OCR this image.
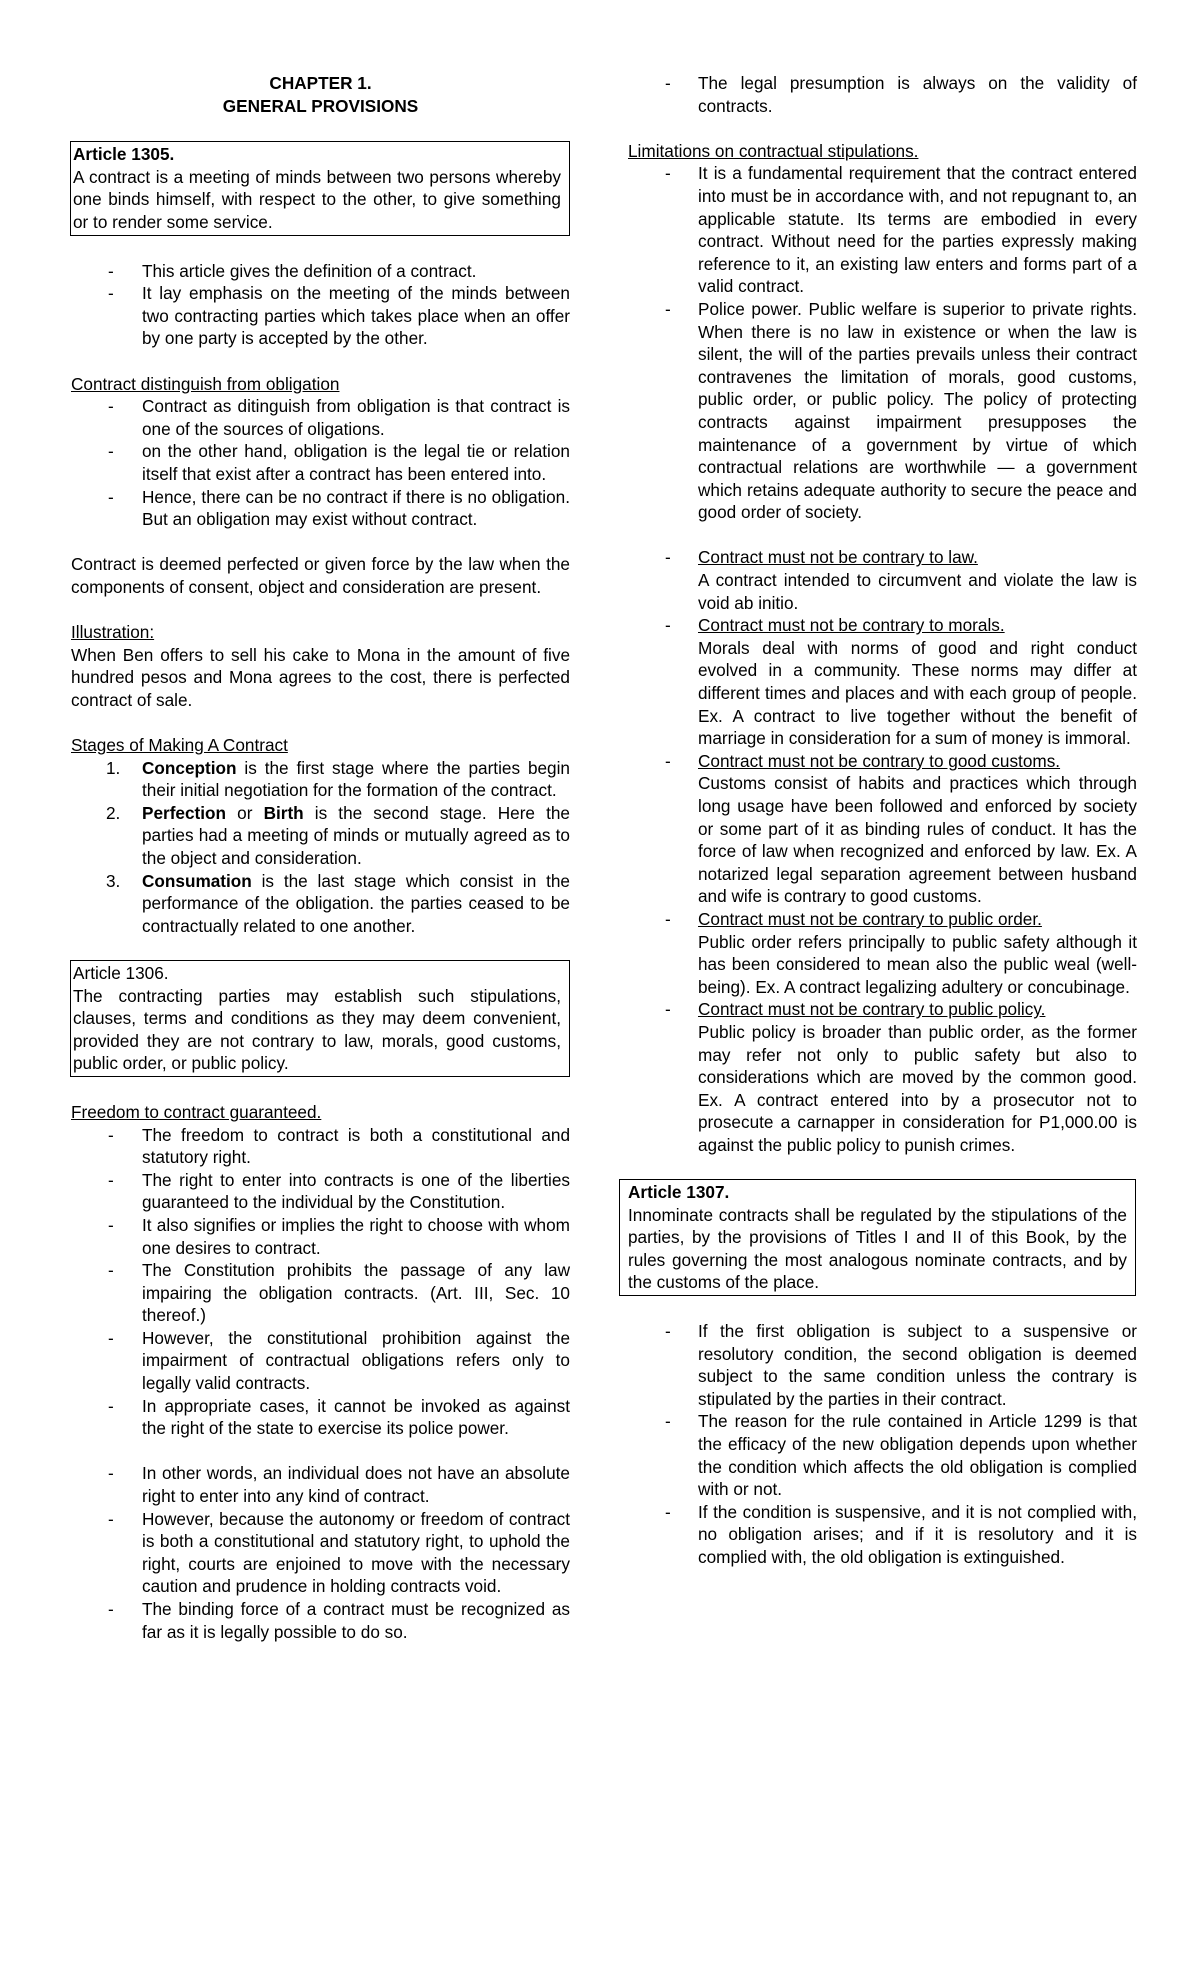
CHAPTER 1.
GENERAL PROVISIONS
Article 1305.
A contract is a meeting of minds between two persons whereby one binds himself, with respect to the other, to give something or to render some service.
- This article gives the definition of a contract.
- It lay emphasis on the meeting of the minds between two contracting parties which takes place when an offer by one party is accepted by the other.
Contract distinguish from obligation
- Contract as ditinguish from obligation is that contract is one of the sources of oligations.
- on the other hand, obligation is the legal tie or relation itself that exist after a contract has been entered into.
- Hence, there can be no contract if there is no obligation. But an obligation may exist without contract.

Contract is deemed perfected or given force by the law when the components of consent, object and consideration are present.

Illustration:

When Ben offers to sell his cake to Mona in the amount of five hundred pesos and Mona agrees to the cost, there is perfected contract of sale.

Stages of Making A Contract
1. Conception is the first stage where the parties begin their initial negotiation for the formation of the contract.
2. Perfection or Birth is the second stage. Here the parties had a meeting of minds or mutually agreed as to the object and consideration.
3. Consumation is the last stage which consist in the performance of the obligation. the parties ceased to be contractually related to one another.
Article 1306.
The contracting parties may establish such stipulations, clauses, terms and conditions as they may deem convenient, provided they are not contrary to law, morals, good customs, public order, or public policy.
Freedom to contract guaranteed.
- The freedom to contract is both a constitutional and statutory right.
- The right to enter into contracts is one of the liberties guaranteed to the individual by the Constitution.
- It also signifies or implies the right to choose with whom one desires to contract.
- The Constitution prohibits the passage of any law impairing the obligation contracts. (Art. III, Sec. 10 thereof.)
- However, the constitutional prohibition against the impairment of contractual obligations refers only to legally valid contracts.
- In appropriate cases, it cannot be invoked as against the right of the state to exercise its police power.
- In other words, an individual does not have an absolute right to enter into any kind of contract.
- However, because the autonomy or freedom of contract is both a constitutional and statutory right, to uphold the right, courts are enjoined to move with the necessary caution and prudence in holding contracts void.
- The binding force of a contract must be recognized as far as it is legally possible to do so.
- The legal presumption is always on the validity of contracts.
Limitations on contractual stipulations.
- It is a fundamental requirement that the contract entered into must be in accordance with, and not repugnant to, an applicable statute. Its terms are embodied in every contract. Without need for the parties expressly making reference to it, an existing law enters and forms part of a valid contract.
- Police power. Public welfare is superior to private rights. When there is no law in existence or when the law is silent, the will of the parties prevails unless their contract contravenes the limitation of morals, good customs, public order, or public policy. The policy of protecting contracts against impairment presupposes the maintenance of a government by virtue of which contractual relations are worthwhile — a government which retains adequate authority to secure the peace and good order of society.
- Contract must not be contrary to law.
A contract intended to circumvent and violate the law is void ab initio.
- Contract must not be contrary to morals.
Morals deal with norms of good and right conduct evolved in a community. These norms may differ at different times and places and with each group of people. Ex. A contract to live together without the benefit of marriage in consideration for a sum of money is immoral.
- Contract must not be contrary to good customs.
Customs consist of habits and practices which through long usage have been followed and enforced by society or some part of it as binding rules of conduct. It has the force of law when recognized and enforced by law. Ex. A notarized legal separation agreement between husband and wife is contrary to good customs.
- Contract must not be contrary to public order.
Public order refers principally to public safety although it has been considered to mean also the public weal (well-being). Ex. A contract legalizing adultery or concubinage.
- Contract must not be contrary to public policy.
Public policy is broader than public order, as the former may refer not only to public safety but also to considerations which are moved by the common good. Ex. A contract entered into by a prosecutor not to prosecute a carnapper in consideration for P1,000.00 is against the public policy to punish crimes.
Article 1307.
Innominate contracts shall be regulated by the stipulations of the parties, by the provisions of Titles I and II of this Book, by the rules governing the most analogous nominate contracts, and by the customs of the place.
- If the first obligation is subject to a suspensive or resolutory condition, the second obligation is deemed subject to the same condition unless the contrary is stipulated by the parties in their contract.
- The reason for the rule contained in Article 1299 is that the efficacy of the new obligation depends upon whether the condition which affects the old obligation is complied with or not.
- If the condition is suspensive, and it is not complied with, no obligation arises; and if it is resolutory and it is complied with, the old obligation is extinguished.
